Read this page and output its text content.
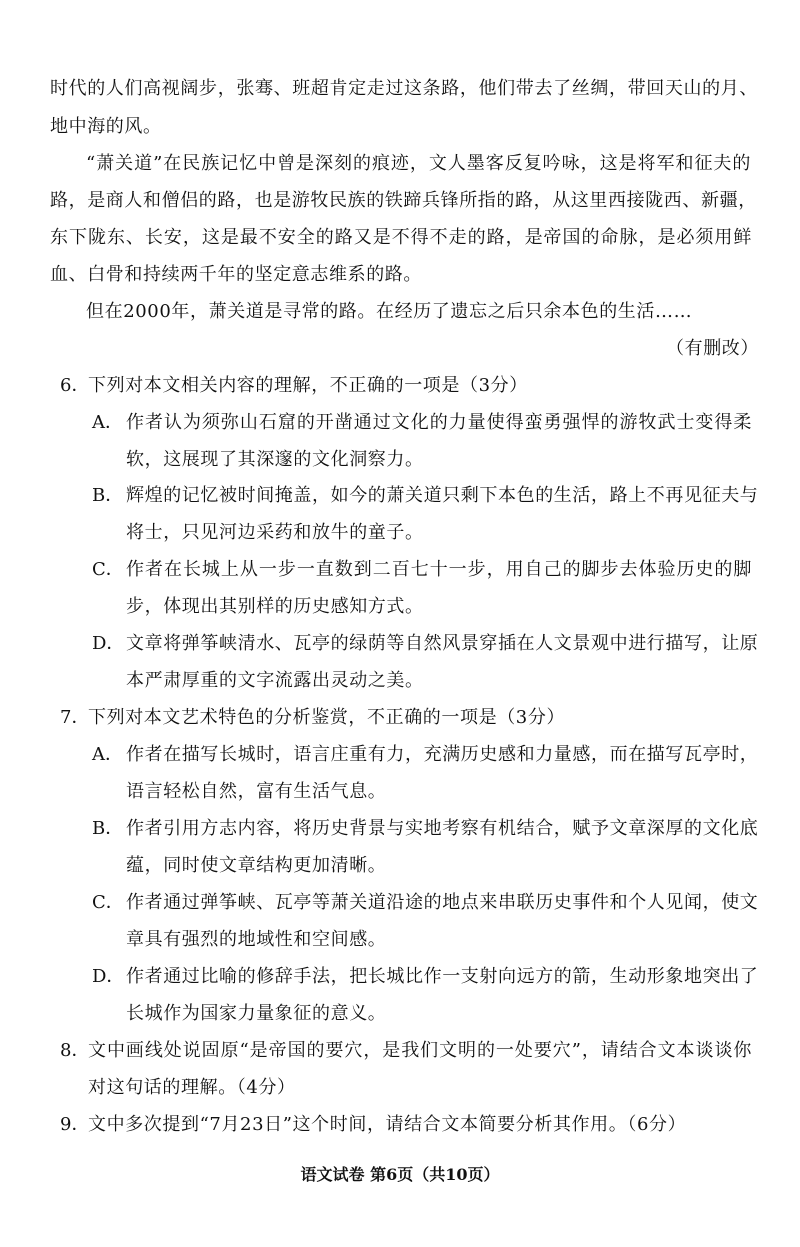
时代的人们高视阔步，张骞、班超肯定走过这条路，他们带去了丝绸，带回天山的月、
地中海的风。
“萧关道”在民族记忆中曾是深刻的痕迹，文人墨客反复吟咏，这是将军和征夫的
路，是商人和僧侣的路，也是游牧民族的铁蹄兵锋所指的路，从这里西接陇西、新疆，
东下陇东、长安，这是最不安全的路又是不得不走的路，是帝国的命脉，是必须用鲜
血、白骨和持续两千年的坚定意志维系的路。
但在2000年，萧关道是寻常的路。在经历了遗忘之后只余本色的生活……
（有删改）
6．
下列对本文相关内容的理解，不正确的一项是（3分）
A． 作者认为须弥山石窟的开凿通过文化的力量使得蛮勇强悍的游牧武士变得柔
软，这展现了其深邃的文化洞察力。
B． 辉煌的记忆被时间掩盖，如今的萧关道只剩下本色的生活，路上不再见征夫与
将士，只见河边采药和放牛的童子。
C． 作者在长城上从一步一直数到二百七十一步，用自己的脚步去体验历史的脚
步，体现出其别样的历史感知方式。
D． 文章将弹筝峡清水、瓦亭的绿荫等自然风景穿插在人文景观中进行描写，让原
本严肃厚重的文字流露出灵动之美。
7．
下列对本文艺术特色的分析鉴赏，不正确的一项是（3分）
A． 作者在描写长城时，语言庄重有力，充满历史感和力量感，而在描写瓦亭时，
语言轻松自然，富有生活气息。
B． 作者引用方志内容，将历史背景与实地考察有机结合，赋予文章深厚的文化底
蕴，同时使文章结构更加清晰。
C． 作者通过弹筝峡、瓦亭等萧关道沿途的地点来串联历史事件和个人见闻，使文
章具有强烈的地域性和空间感。
D． 作者通过比喻的修辞手法，把长城比作一支射向远方的箭，生动形象地突出了
长城作为国家力量象征的意义。
8．
文中画线处说固原“是帝国的要穴，是我们文明的一处要穴”，请结合文本谈谈你
对这句话的理解。（4分）
9．
文中多次提到“7月23日”这个时间，请结合文本简要分析其作用。（6分）
语文试卷 第6页（共10页）
